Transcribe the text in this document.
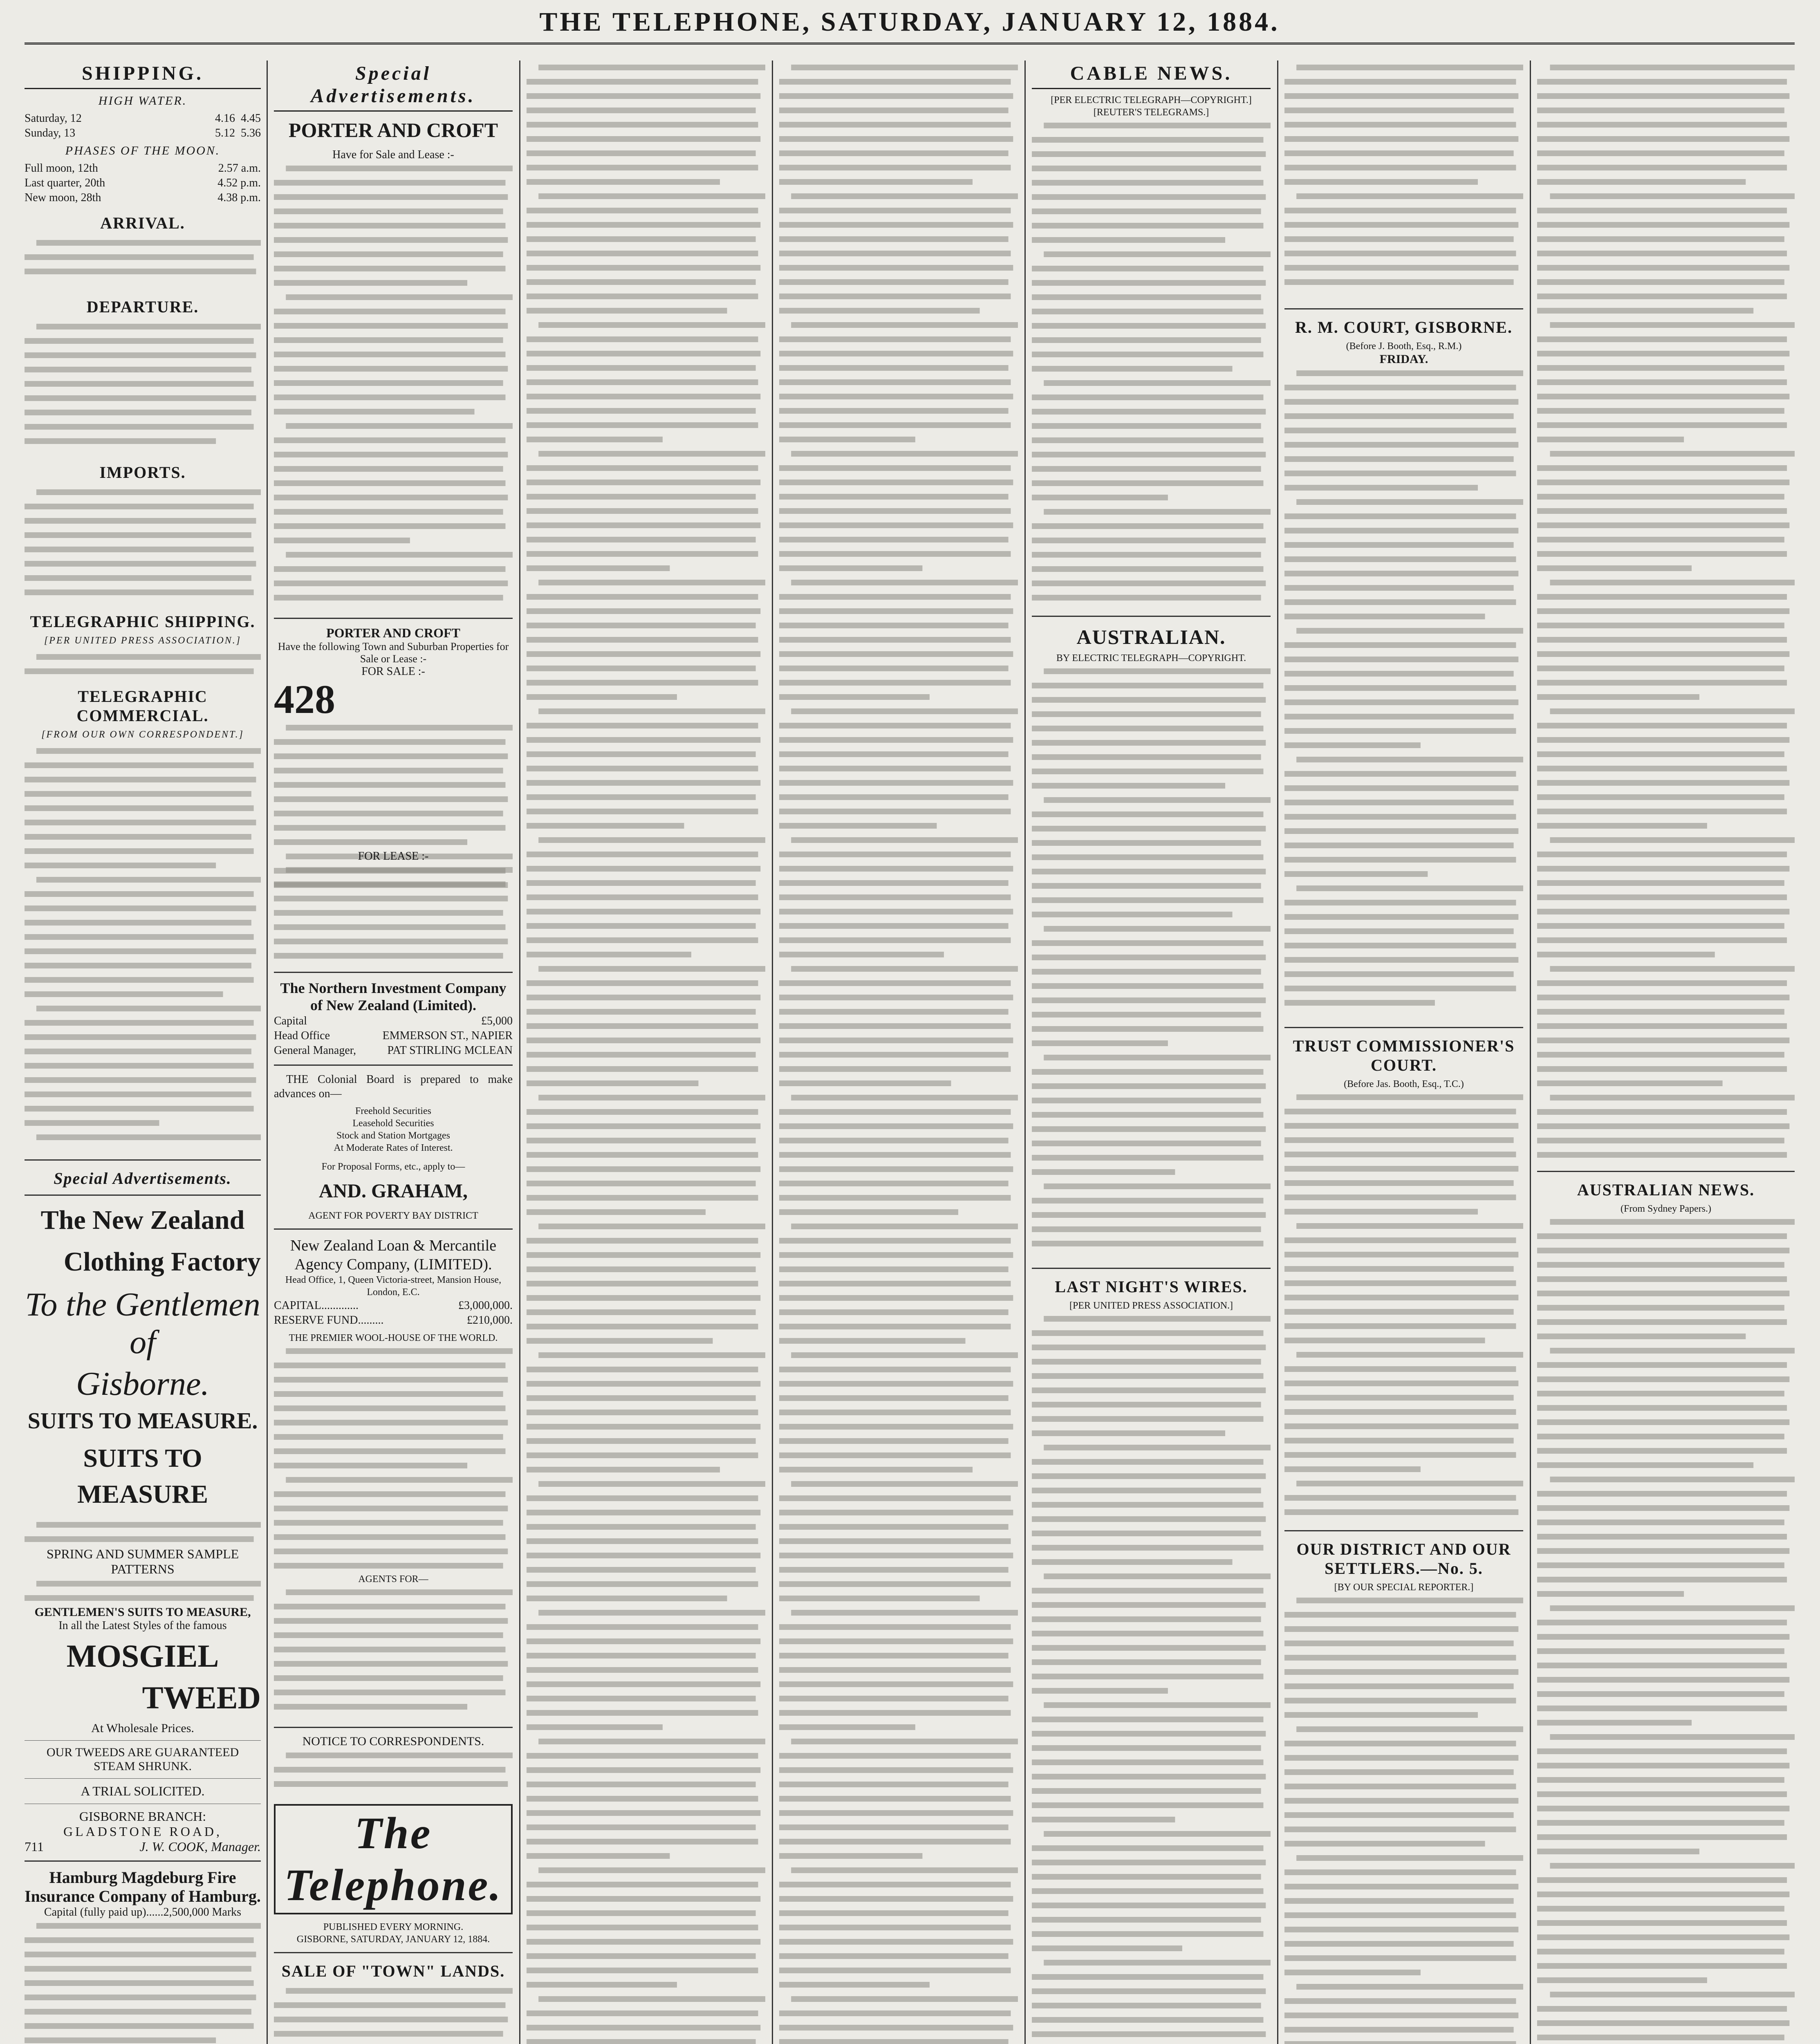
THE TELEPHONE, SATURDAY, JANUARY 12, 1884.
SHIPPING.
HIGH WATER.
Saturday, 12	4.16 4.45
Sunday, 13	5.12 5.36
PHASES OF THE MOON.
Full moon, 12th	2.57 a.m.
Last quarter, 20th	4.52 p.m.
New moon, 28th	4.38 p.m.
ARRIVAL.
DEPARTURE.
IMPORTS.
TELEGRAPHIC SHIPPING.
[PER UNITED PRESS ASSOCIATION.]
TELEGRAPHIC COMMERCIAL.
[FROM OUR OWN CORRESPONDENT.]
Special Advertisements.
The New Zealand
Clothing Factory
To the Gentlemen of
Gisborne.
SUITS TO MEASURE.
SUITS TO MEASURE
SPRING AND SUMMER SAMPLE
PATTERNS
GENTLEMEN'S SUITS TO MEASURE,
In all the Latest Styles of the famous
MOSGIEL
TWEED
At Wholesale Prices.
OUR TWEEDS ARE GUARANTEED
STEAM SHRUNK.
A TRIAL SOLICITED.
GISBORNE BRANCH:
GLADSTONE ROAD,
711	J. W. COOK, Manager.
Hamburg Magdeburg Fire Insurance Company of Hamburg.
Capital (fully paid up)......2,500,000 Marks
Special Advertisements.
PORTER AND CROFT
Have for Sale and Lease :-
PORTER AND CROFT
Have the following Town and Suburban Properties for Sale or Lease :-
FOR SALE :-
428
FOR LEASE :-
The Northern Investment Company of New Zealand (Limited).
Capital	£5,000
Head Office	EMMERSON ST., NAPIER
General Manager,	PAT STIRLING MCLEAN

THE Colonial Board is prepared to make advances on—

Freehold Securities
Leasehold Securities
Stock and Station Mortgages
At Moderate Rates of Interest.
For Proposal Forms, etc., apply to—
AND. GRAHAM,
AGENT FOR POVERTY BAY DISTRICT
New Zealand Loan & Mercantile Agency Company, (LIMITED).
Head Office, 1, Queen Victoria-street, Mansion House, London, E.C.
CAPITAL.............	£3,000,000.
RESERVE FUND.........	£210,000.
THE PREMIER WOOL-HOUSE OF THE WORLD.
AGENTS FOR—
NOTICE TO CORRESPONDENTS.
The Telephone.
PUBLISHED EVERY MORNING.
GISBORNE, SATURDAY, JANUARY 12, 1884.
SALE OF "TOWN" LANDS.
CABLE NEWS.
[PER ELECTRIC TELEGRAPH—COPYRIGHT.]
[REUTER'S TELEGRAMS.]
AUSTRALIAN.
BY ELECTRIC TELEGRAPH—COPYRIGHT.
LAST NIGHT'S WIRES.
[PER UNITED PRESS ASSOCIATION.]
R. M. COURT, GISBORNE.
(Before J. Booth, Esq., R.M.)
FRIDAY.
TRUST COMMISSIONER'S COURT.
(Before Jas. Booth, Esq., T.C.)
OUR DISTRICT AND OUR SETTLERS.—No. 5.
[BY OUR SPECIAL REPORTER.]
AUSTRALIAN NEWS.
(From Sydney Papers.)
